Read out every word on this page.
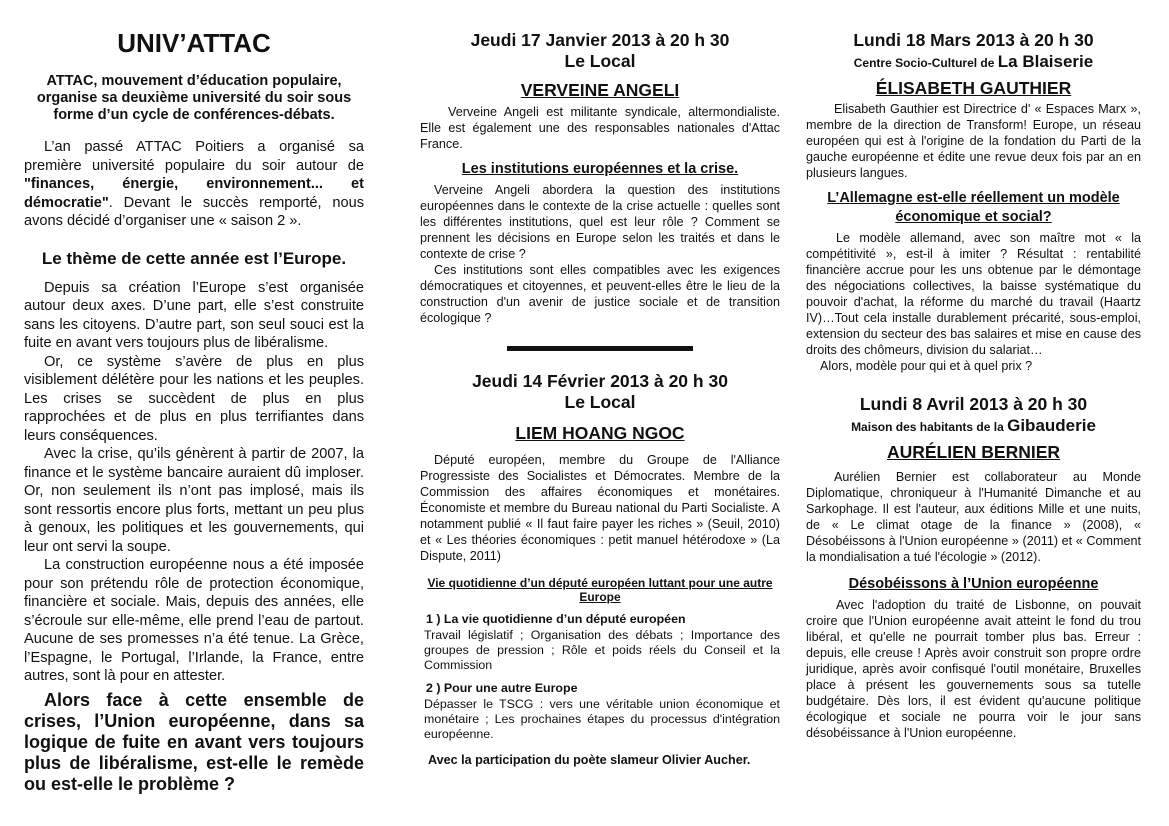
UNIV’ATTAC
ATTAC, mouvement d’éducation populaire, organise sa deuxième université du soir sous forme d’un cycle de conférences-débats.

L’an passé ATTAC Poitiers a organisé sa première université populaire du soir autour de "finances, énergie, environnement... et démocratie". Devant le succès remporté, nous avons décidé d’organiser une « saison 2 ».

Le thème de cette année est l’Europe.

Depuis sa création l’Europe s’est organisée autour deux axes. D’une part, elle s’est construite sans les citoyens. D’autre part, son seul souci est la fuite en avant vers toujours plus de libéralisme.

Or, ce système s’avère de plus en plus visiblement délétère pour les nations et les peuples. Les crises se succèdent de plus en plus rapprochées et de plus en plus terrifiantes dans leurs conséquences.

Avec la crise, qu’ils génèrent à partir de 2007, la finance et le système bancaire auraient dû imploser. Or, non seulement ils n’ont pas implosé, mais ils sont ressortis encore plus forts, mettant un peu plus à genoux, les politiques et les gouvernements, qui leur ont servi la soupe.

La construction européenne nous a été imposée pour son prétendu rôle de protection économique, financière et sociale. Mais, depuis des années, elle s’écroule sur elle-même, elle prend l’eau de partout. Aucune de ses promesses n’a été tenue. La Grèce, l’Espagne, le Portugal, l’Irlande, la France, entre autres, sont là pour en attester.

Alors face à cette ensemble de crises, l’Union européenne, dans sa logique de fuite en avant vers toujours plus de libéralisme, est-elle le remède ou est-elle le problème ?
Jeudi 17 Janvier 2013 à 20 h 30
Le Local
VERVEINE ANGELI

Verveine Angeli est militante syndicale, altermondialiste. Elle est également une des responsables nationales d'Attac France.

Les institutions européennes et la crise.

Verveine Angeli abordera la question des institutions européennes dans le contexte de la crise actuelle : quelles sont les différentes institutions, quel est leur rôle ? Comment se prennent les décisions en Europe selon les traités et dans le contexte de crise ?

Ces institutions sont elles compatibles avec les exigences démocratiques et citoyennes, et peuvent-elles être le lieu de la construction d'un avenir de justice sociale et de transition écologique ?

Jeudi 14 Février 2013 à 20 h 30
Le Local
LIEM HOANG NGOC

Député européen, membre du Groupe de l'Alliance Progressiste des Socialistes et Démocrates. Membre de la Commission des affaires économiques et monétaires. Économiste et membre du Bureau national du Parti Socialiste. A notamment publié « Il faut faire payer les riches » (Seuil, 2010) et « Les théories économiques : petit manuel hétérodoxe » (La Dispute, 2011)

Vie quotidienne d’un député européen luttant pour une autre Europe
1 ) La vie quotidienne d’un député européen

Travail législatif ; Organisation des débats ; Importance des groupes de pression ; Rôle et poids réels du Conseil et la Commission

2 ) Pour une autre Europe

Dépasser le TSCG : vers une véritable union économique et monétaire ; Les prochaines étapes du processus d'intégration européenne.

Avec la participation du poète slameur Olivier Aucher.
Lundi 18 Mars 2013 à 20 h 30
Centre Socio-Culturel de La Blaiserie
ÉLISABETH GAUTHIER

Elisabeth Gauthier est Directrice d' « Espaces Marx », membre de la direction de Transform! Europe, un réseau européen qui est à l'origine de la fondation du Parti de la gauche européenne et édite une revue deux fois par an en plusieurs langues.

L’Allemagne est-elle réellement un modèle économique et social?

Le modèle allemand, avec son maître mot « la compétitivité », est-il à imiter ? Résultat : rentabilité financière accrue pour les uns obtenue par le démontage des négociations collectives, la baisse systématique du pouvoir d'achat, la réforme du marché du travail (Haartz IV)…Tout cela installe durablement précarité, sous-emploi, extension du secteur des bas salaires et mise en cause des droits des chômeurs, division du salariat…

Alors, modèle pour qui et à quel prix ?

Lundi 8 Avril 2013 à 20 h 30
Maison des habitants de la Gibauderie
AURÉLIEN BERNIER

Aurélien Bernier est collaborateur au Monde Diplomatique, chroniqueur à l'Humanité Dimanche et au Sarkophage. Il est l'auteur, aux éditions Mille et une nuits, de « Le climat otage de la finance » (2008), « Désobéissons à l'Union européenne » (2011) et « Comment la mondialisation a tué l'écologie » (2012).

Désobéissons à l’Union européenne

Avec l'adoption du traité de Lisbonne, on pouvait croire que l'Union européenne avait atteint le fond du trou libéral, et qu'elle ne pourrait tomber plus bas. Erreur : depuis, elle creuse ! Après avoir construit son propre ordre juridique, après avoir confisqué l'outil monétaire, Bruxelles place à présent les gouvernements sous sa tutelle budgétaire. Dès lors, il est évident qu'aucune politique écologique et sociale ne pourra voir le jour sans désobéissance à l'Union européenne.
